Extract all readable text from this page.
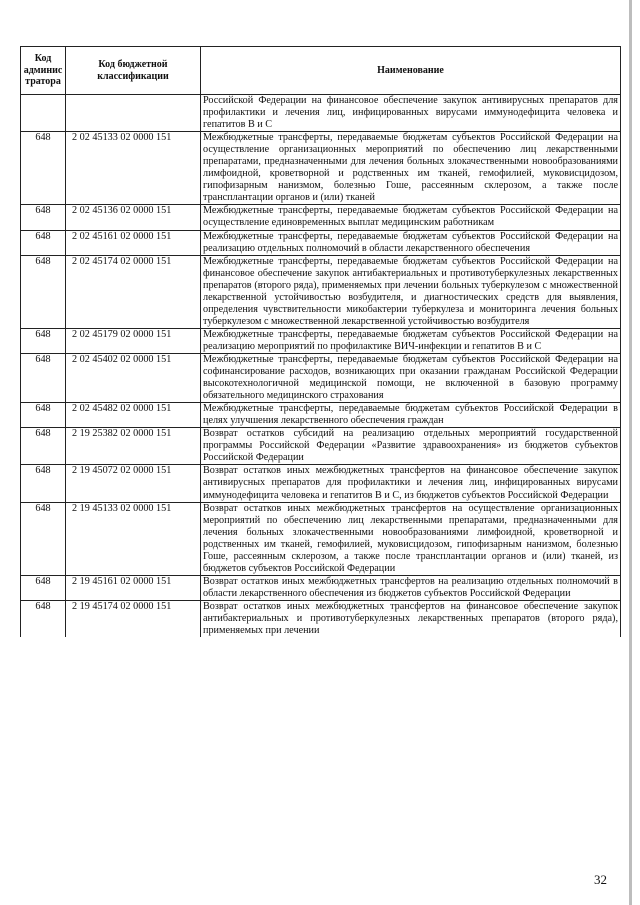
Код админис тратора	Код бюджетной классификации	Наименование
		Российской Федерации на финансовое обеспечение закупок антивирусных препаратов для профилактики и лечения лиц, инфицированных вирусами иммунодефицита человека и гепатитов В и С
648	2 02 45133 02 0000 151	Межбюджетные трансферты, передаваемые бюджетам субъектов Российской Федерации на осуществление организационных мероприятий по обеспечению лиц лекарственными препаратами, предназначенными для лечения больных злокачественными новообразованиями лимфоидной, кроветворной и родственных им тканей, гемофилией, муковисцидозом, гипофизарным нанизмом, болезнью Гоше, рассеянным склерозом, а также после трансплантации органов и (или) тканей
648	2 02 45136 02 0000 151	Межбюджетные трансферты, передаваемые бюджетам субъектов Российской Федерации на осуществление единовременных выплат медицинским работникам
648	2 02 45161 02 0000 151	Межбюджетные трансферты, передаваемые бюджетам субъектов Российской Федерации на реализацию отдельных полномочий в области лекарственного обеспечения
648	2 02 45174 02 0000 151	Межбюджетные трансферты, передаваемые бюджетам субъектов Российской Федерации на финансовое обеспечение закупок антибактериальных и противотуберкулезных лекарственных препаратов (второго ряда), применяемых при лечении больных туберкулезом с множественной лекарственной устойчивостью возбудителя, и диагностических средств для выявления, определения чувствительности микобактерии туберкулеза и мониторинга лечения больных туберкулезом с множественной лекарственной устойчивостью возбудителя
648	2 02 45179 02 0000 151	Межбюджетные трансферты, передаваемые бюджетам субъектов Российской Федерации на реализацию мероприятий по профилактике ВИЧ-инфекции и гепатитов В и С
648	2 02 45402 02 0000 151	Межбюджетные трансферты, передаваемые бюджетам субъектов Российской Федерации на софинансирование расходов, возникающих при оказании гражданам Российской Федерации высокотехнологичной медицинской помощи, не включенной в базовую программу обязательного медицинского страхования
648	2 02 45482 02 0000 151	Межбюджетные трансферты, передаваемые бюджетам субъектов Российской Федерации в целях улучшения лекарственного обеспечения граждан
648	2 19 25382 02 0000 151	Возврат остатков субсидий на реализацию отдельных мероприятий государственной программы Российской Федерации «Развитие здравоохранения» из бюджетов субъектов Российской Федерации
648	2 19 45072 02 0000 151	Возврат остатков иных межбюджетных трансфертов на финансовое обеспечение закупок антивирусных препаратов для профилактики и лечения лиц, инфицированных вирусами иммунодефицита человека и гепатитов В и С, из бюджетов субъектов Российской Федерации
648	2 19 45133 02 0000 151	Возврат остатков иных межбюджетных трансфертов на осуществление организационных мероприятий по обеспечению лиц лекарственными препаратами, предназначенными для лечения больных злокачественными новообразованиями лимфоидной, кроветворной и родственных им тканей, гемофилией, муковисцидозом, гипофизарным нанизмом, болезнью Гоше, рассеянным склерозом, а также после трансплантации органов и (или) тканей, из бюджетов субъектов Российской Федерации
648	2 19 45161 02 0000 151	Возврат остатков иных межбюджетных трансфертов на реализацию отдельных полномочий в области лекарственного обеспечения из бюджетов субъектов Российской Федерации
648	2 19 45174 02 0000 151	Возврат остатков иных межбюджетных трансфертов на финансовое обеспечение закупок антибактериальных и противотуберкулезных лекарственных препаратов (второго ряда), применяемых при лечении
32
